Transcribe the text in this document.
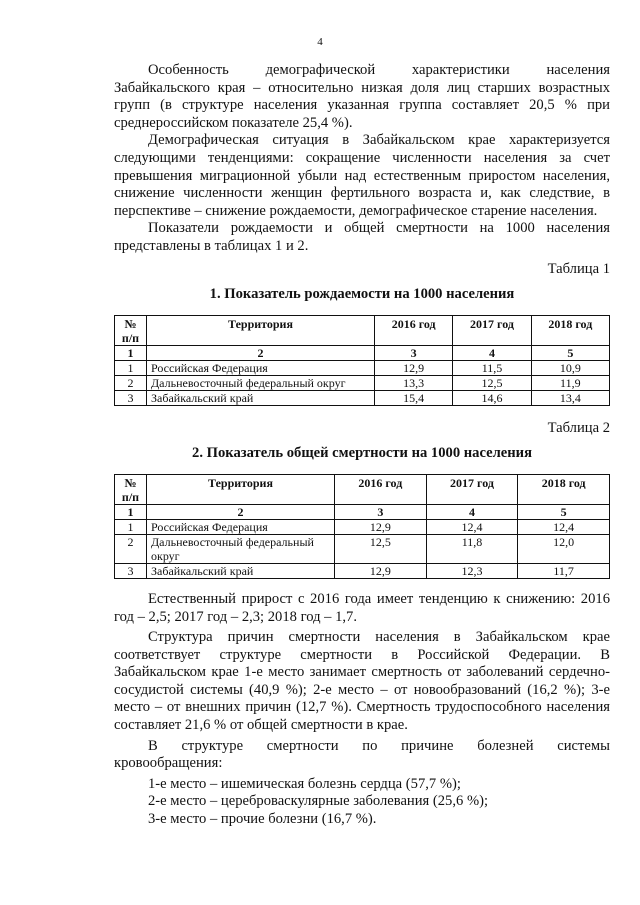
4

Особенность демографической характеристики населения Забайкальского края – относительно низкая доля лиц старших возрастных групп (в структуре населения указанная группа составляет 20,5 % при среднероссийском показателе 25,4 %).

Демографическая ситуация в Забайкальском крае характеризуется следующими тенденциями: сокращение численности населения за счет превышения миграционной убыли над естественным приростом населения, снижение численности женщин фертильного возраста и, как следствие, в перспективе – снижение рождаемости, демографическое старение населения.

Показатели рождаемости и общей смертности на 1000 населения представлены в таблицах 1 и 2.

Таблица 1
1. Показатель рождаемости на 1000 населения
№ п/п	Территория	2016 год	2017 год	2018 год
1	2	3	4	5
1	Российская Федерация	12,9	11,5	10,9
2	Дальневосточный федеральный округ	13,3	12,5	11,9
3	Забайкальский край	15,4	14,6	13,4
Таблица 2
2. Показатель общей смертности на 1000 населения
№ п/п	Территория	2016 год	2017 год	2018 год
1	2	3	4	5
1	Российская Федерация	12,9	12,4	12,4
2	Дальневосточный федеральный округ	12,5	11,8	12,0
3	Забайкальский край	12,9	12,3	11,7

Естественный прирост с 2016 года имеет тенденцию к снижению: 2016 год – 2,5; 2017 год – 2,3; 2018 год – 1,7.

Структура причин смертности населения в Забайкальском крае соответствует структуре смертности в Российской Федерации. В Забайкальском крае 1-е место занимает смертность от заболеваний сердечно-сосудистой системы (40,9 %); 2-е место – от новообразований (16,2 %); 3-е место – от внешних причин (12,7 %). Смертность трудоспособного населения составляет 21,6 % от общей смертности в крае.

В структуре смертности по причине болезней системы
кровообращения:

1-е место – ишемическая болезнь сердца (57,7 %);

2-е место – цереброваскулярные заболевания (25,6 %);

3-е место – прочие болезни (16,7 %).
